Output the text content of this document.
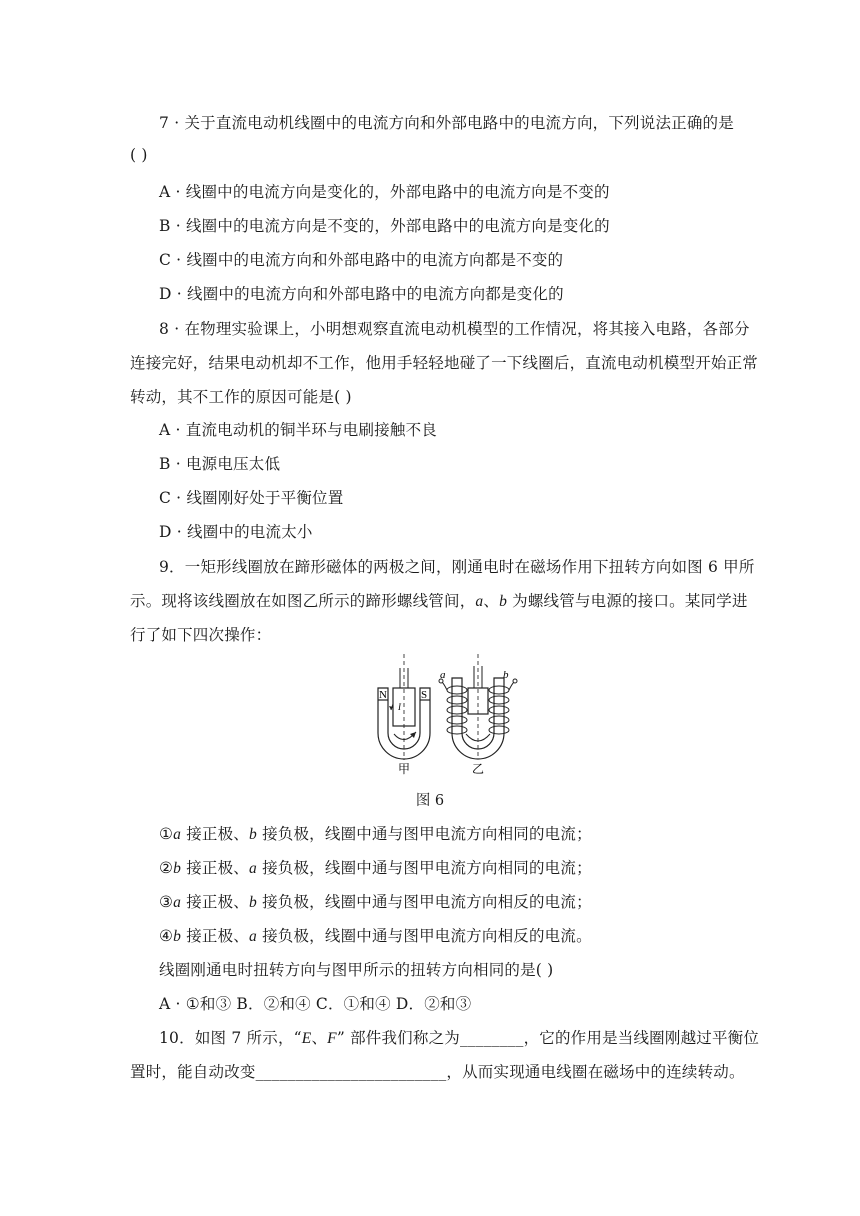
7 · 关于直流电动机线圈中的电流方向和外部电路中的电流方向，下列说法正确的是
( )
A · 线圈中的电流方向是变化的，外部电路中的电流方向是不变的
B · 线圈中的电流方向是不变的，外部电路中的电流方向是变化的
C · 线圈中的电流方向和外部电路中的电流方向都是不变的
D · 线圈中的电流方向和外部电路中的电流方向都是变化的
8 · 在物理实验课上，小明想观察直流电动机模型的工作情况，将其接入电路，各部分
连接完好，结果电动机却不工作，他用手轻轻地碰了一下线圈后，直流电动机模型开始正常
转动，其不工作的原因可能是( )
A · 直流电动机的铜半环与电刷接触不良
B · 电源电压太低
C · 线圈刚好处于平衡位置
D · 线圈中的电流太小
9．一矩形线圈放在蹄形磁体的两极之间，刚通电时在磁场作用下扭转方向如图 6 甲所
示。现将该线圈放在如图乙所示的蹄形螺线管间，a、b 为螺线管与电源的接口。某同学进
行了如下四次操作：
N	S
I
甲
a	b
乙
图 6
①a 接正极、b 接负极，线圈中通与图甲电流方向相同的电流；
②b 接正极、a 接负极，线圈中通与图甲电流方向相同的电流；
③a 接正极、b 接负极，线圈中通与图甲电流方向相反的电流；
④b 接正极、a 接负极，线圈中通与图甲电流方向相反的电流。
线圈刚通电时扭转方向与图甲所示的扭转方向相同的是( )
A · ①和③ B．②和④ C．①和④ D．②和③
10．如图 7 所示，“E、F” 部件我们称之为________，它的作用是当线圈刚越过平衡位
置时，能自动改变________________________，从而实现通电线圈在磁场中的连续转动。
